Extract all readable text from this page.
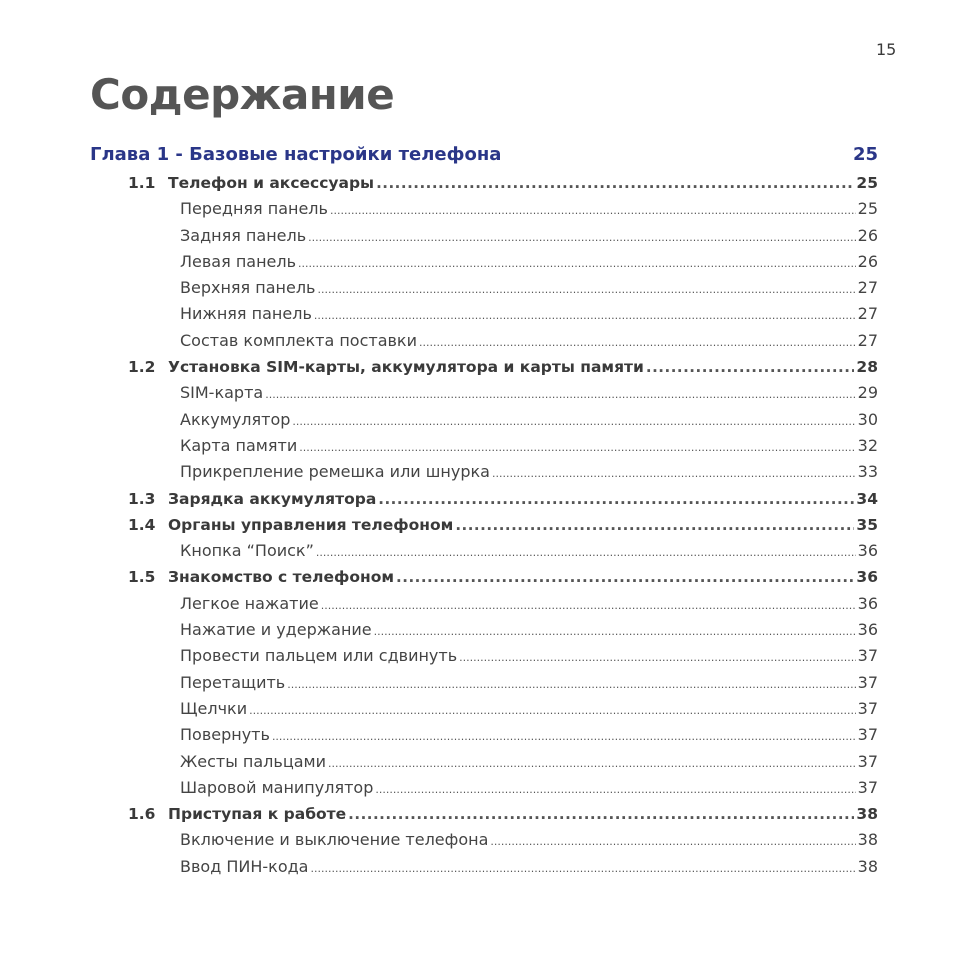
15
Содержание
Глава 1 - Базовые настройки телефона	25
1.1 Телефон и аксессуары .....	25
Передняя панель .....	25
Задняя панель .....	26
Левая панель .....	26
Верхняя панель .....	27
Нижняя панель .....	27
Состав комплекта поставки .....	27
1.2 Установка SIM-карты, аккумулятора и карты памяти .....	28
SIM-карта .....	29
Аккумулятор .....	30
Карта памяти .....	32
Прикрепление ремешка или шнурка .....	33
1.3 Зарядка аккумулятора .....	34
1.4 Органы управления телефоном .....	35
Кнопка “Поиск” .....	36
1.5 Знакомство с телефоном .....	36
Легкое нажатие .....	36
Нажатие и удержание .....	36
Провести пальцем или сдвинуть .....	37
Перетащить .....	37
Щелчки .....	37
Повернуть .....	37
Жесты пальцами .....	37
Шаровой манипулятор .....	37
1.6 Приступая к работе .....	38
Включение и выключение телефона .....	38
Ввод ПИН-кода .....	38
